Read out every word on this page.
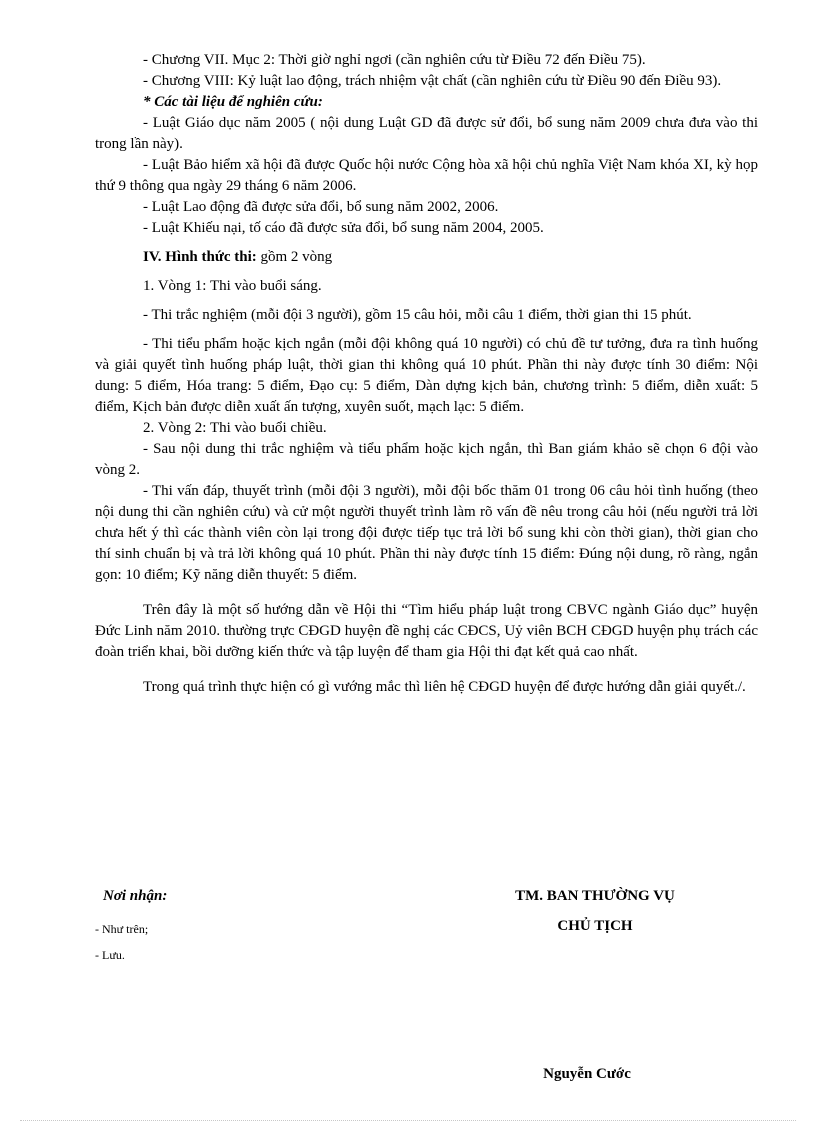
- Chương VII. Mục 2: Thời giờ nghỉ ngơi (cần nghiên cứu từ Điều 72 đến Điều 75).

- Chương VIII: Kỷ luật lao động, trách nhiệm vật chất (cần nghiên cứu từ Điều 90 đến Điều 93).

* Các tài liệu để nghiên cứu:

- Luật Giáo dục năm 2005 ( nội dung Luật GD đã được sử đổi, bổ sung năm 2009 chưa đưa vào thi trong lần này).

- Luật Bảo hiểm xã hội đã được Quốc hội nước Cộng hòa xã hội chủ nghĩa Việt Nam khóa XI, kỳ họp thứ 9 thông qua ngày 29 tháng 6 năm 2006.

- Luật Lao động đã được sửa đổi, bổ sung năm 2002, 2006.

- Luật Khiếu nại, tố cáo đã được sửa đổi, bổ sung năm 2004, 2005.

IV. Hình thức thi: gồm 2 vòng

1. Vòng 1: Thi vào buổi sáng.

- Thi trắc nghiệm (mỗi đội 3 người), gồm 15 câu hỏi, mỗi câu 1 điểm, thời gian thi 15 phút.

- Thi tiểu phẩm hoặc kịch ngắn (mỗi đội không quá 10 người) có chủ đề tư tưởng, đưa ra tình huống và giải quyết tình huống pháp luật, thời gian thi không quá 10 phút. Phần thi này được tính 30 điểm: Nội dung: 5 điểm, Hóa trang: 5 điểm, Đạo cụ: 5 điểm, Dàn dựng kịch bản, chương trình: 5 điểm, diễn xuất: 5 điểm, Kịch bản được diễn xuất ấn tượng, xuyên suốt, mạch lạc: 5 điểm.

2. Vòng 2: Thi vào buổi chiều.

- Sau nội dung thi trắc nghiệm và tiểu phẩm hoặc kịch ngắn, thì Ban giám khảo sẽ chọn 6 đội vào vòng 2.

- Thi vấn đáp, thuyết trình (mỗi đội 3 người), mỗi đội bốc thăm 01 trong 06 câu hỏi tình huống (theo nội dung thi cần nghiên cứu) và cử một người thuyết trình làm rõ vấn đề nêu trong câu hỏi (nếu người trả lời chưa hết ý thì các thành viên còn lại trong đội được tiếp tục trả lời bổ sung khi còn thời gian), thời gian cho thí sinh chuẩn bị và trả lời không quá 10 phút. Phần thi này được tính 15 điểm: Đúng nội dung, rõ ràng, ngắn gọn: 10 điểm; Kỹ năng diễn thuyết: 5 điểm.

Trên đây là một số hướng dẫn về Hội thi “Tìm hiểu pháp luật trong CBVC ngành Giáo dục” huyện Đức Linh năm 2010. thường trực CĐGD huyện đề nghị các CĐCS, Uỷ viên BCH CĐGD huyện phụ trách các đoàn triển khai, bồi dưỡng kiến thức và tập luyện để tham gia Hội thi đạt kết quả cao nhất.

Trong quá trình thực hiện có gì vướng mắc thì liên hệ CĐGD huyện để được hướng dẫn giải quyết./.

Nơi nhận:
- Như trên;
- Lưu.
TM. BAN THƯỜNG VỤ
CHỦ TỊCH
Nguyễn Cước
